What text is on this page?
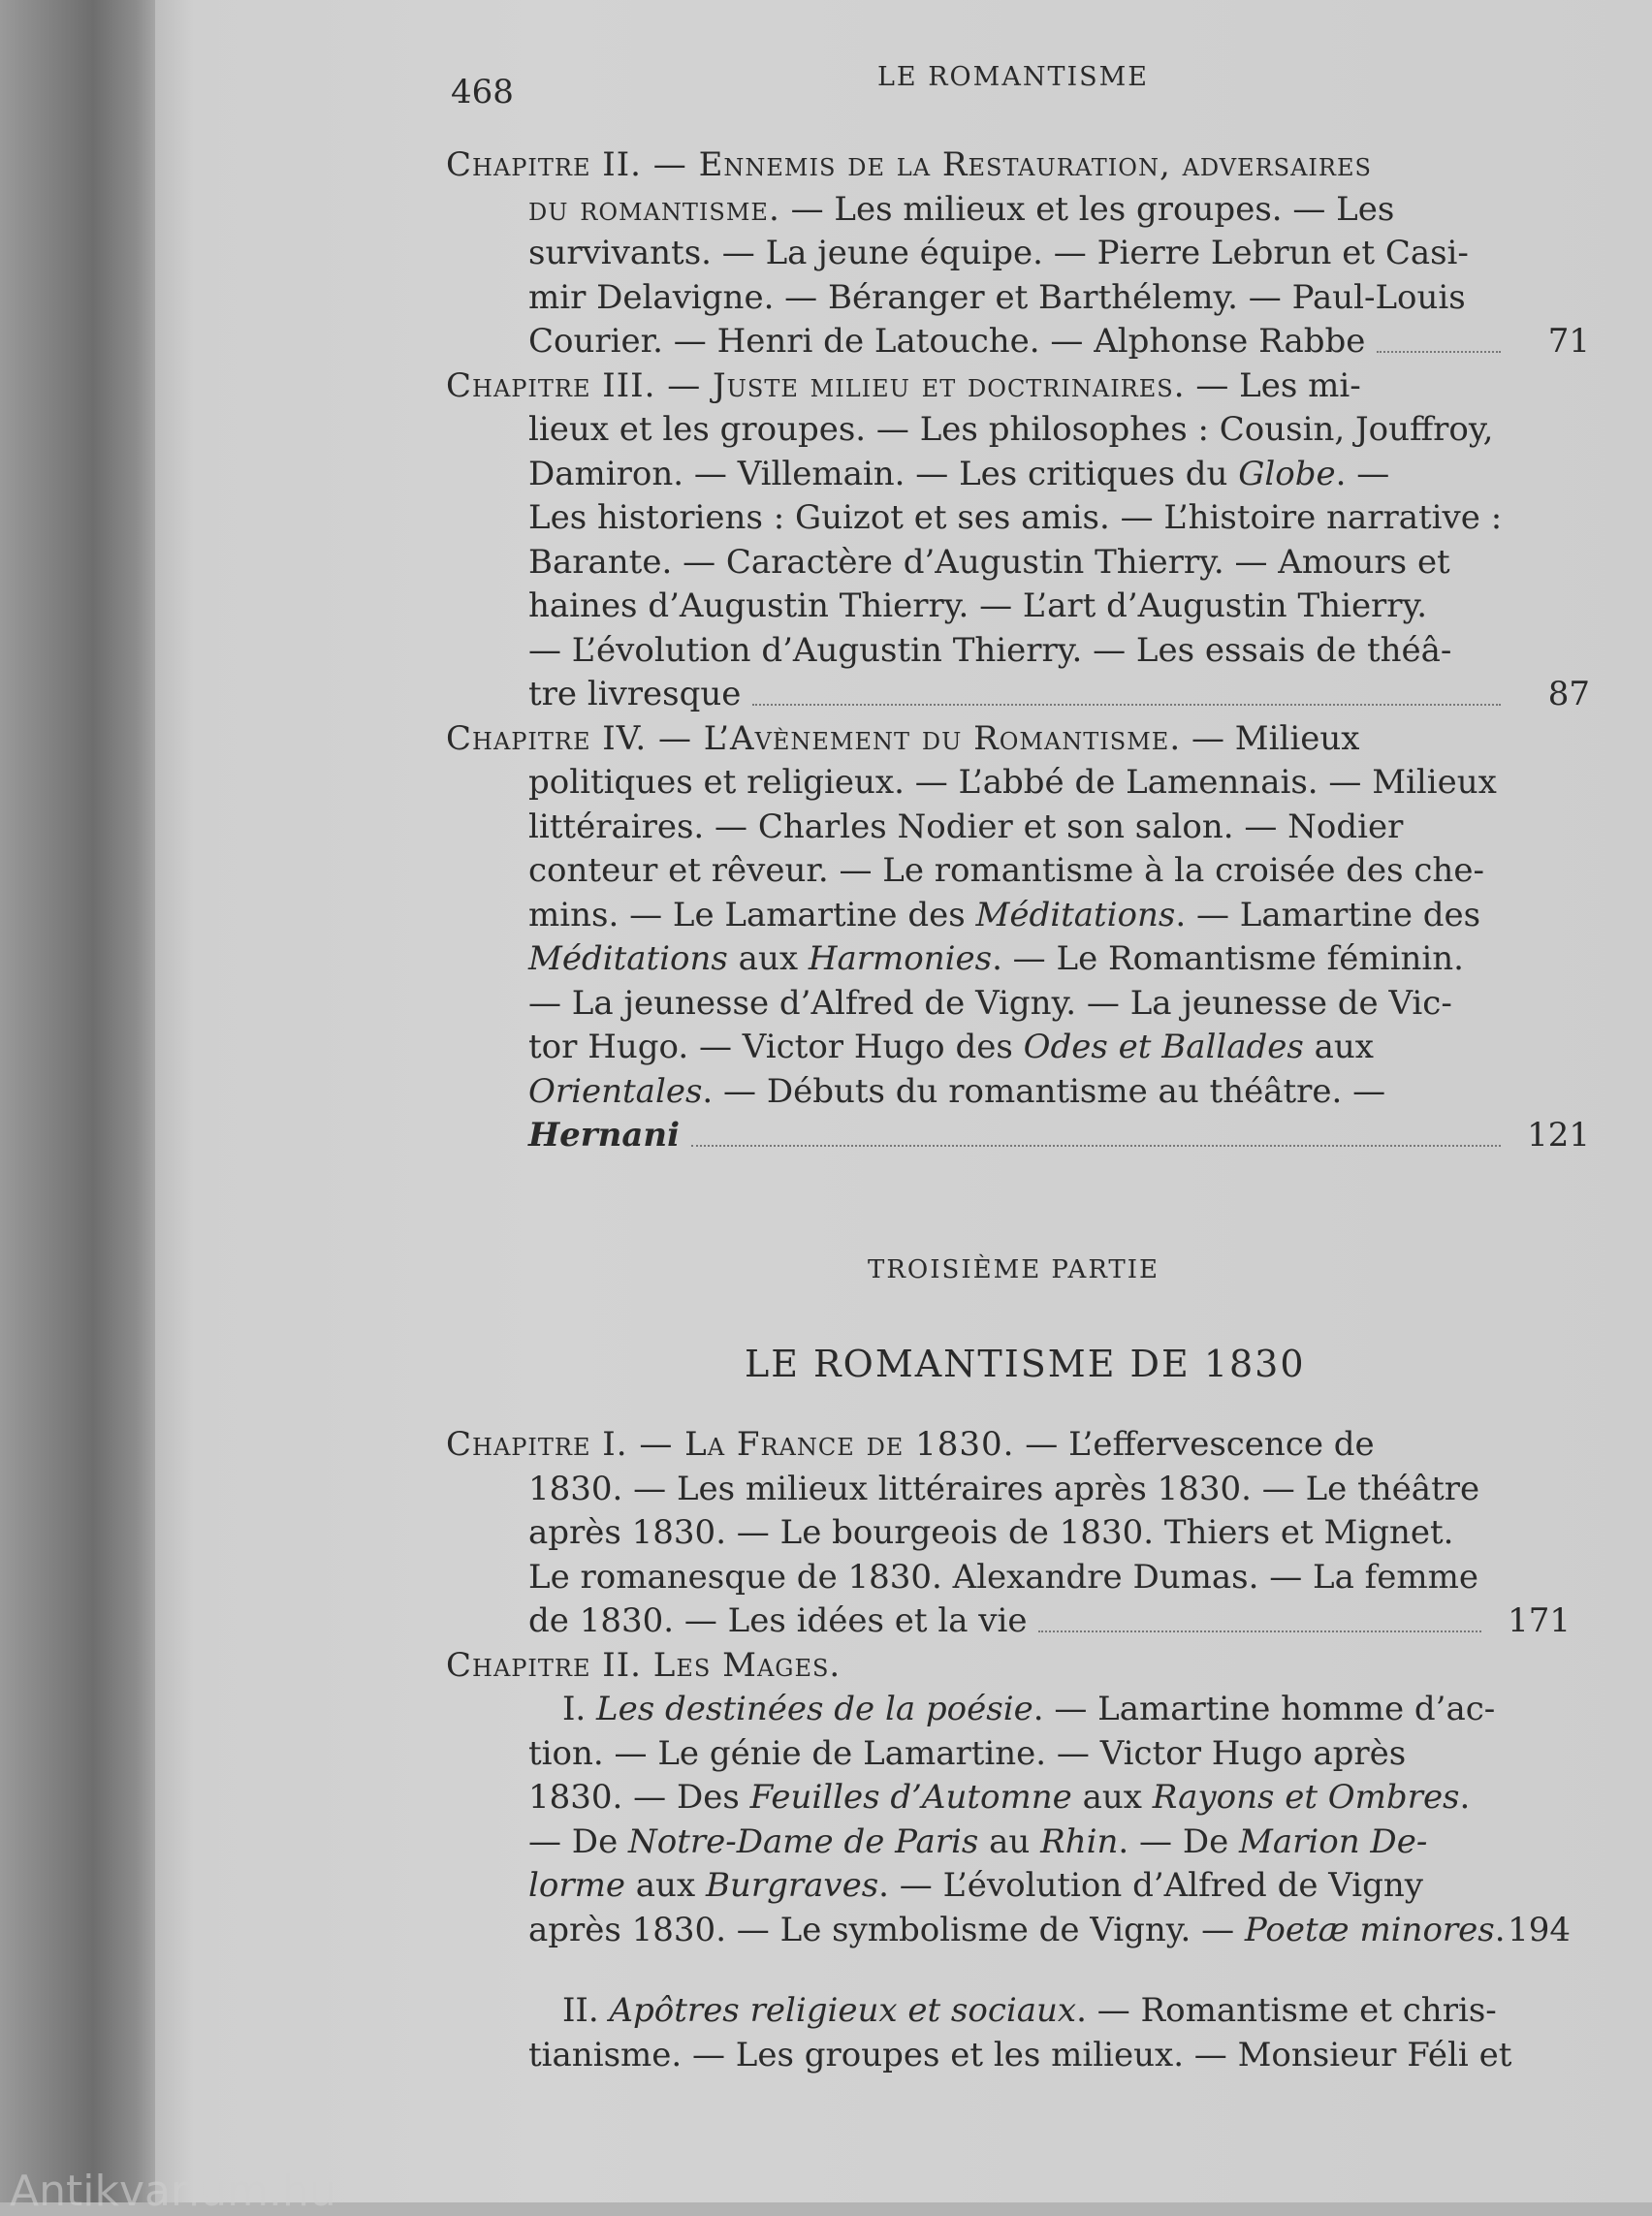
468	LE ROMANTISME
Chapitre II. — Ennemis de la Restauration, adversaires
du romantisme. — Les milieux et les groupes. — Les
survivants. — La jeune équipe. — Pierre Lebrun et Casi-
mir Delavigne. — Béranger et Barthélemy. — Paul-Louis
Courier. — Henri de Latouche. — Alphonse Rabbe	71
Chapitre III. — Juste milieu et doctrinaires. — Les mi-
lieux et les groupes. — Les philosophes : Cousin, Jouffroy,
Damiron. — Villemain. — Les critiques du Globe. —
Les historiens : Guizot et ses amis. — L’histoire narrative :
Barante. — Caractère d’Augustin Thierry. — Amours et
haines d’Augustin Thierry. — L’art d’Augustin Thierry.
— L’évolution d’Augustin Thierry. — Les essais de théâ-
tre livresque	87
Chapitre IV. — L’Avènement du Romantisme. — Milieux
politiques et religieux. — L’abbé de Lamennais. — Milieux
littéraires. — Charles Nodier et son salon. — Nodier
conteur et rêveur. — Le romantisme à la croisée des che-
mins. — Le Lamartine des Méditations. — Lamartine des
Méditations aux Harmonies. — Le Romantisme féminin.
— La jeunesse d’Alfred de Vigny. — La jeunesse de Vic-
tor Hugo. — Victor Hugo des Odes et Ballades aux
Orientales. — Débuts du romantisme au théâtre. —
Hernani	121
TROISIÈME PARTIE
LE ROMANTISME DE 1830
Chapitre I. — La France de 1830. — L’effervescence de
1830. — Les milieux littéraires après 1830. — Le théâtre
après 1830. — Le bourgeois de 1830. Thiers et Mignet.
Le romanesque de 1830. Alexandre Dumas. — La femme
de 1830. — Les idées et la vie	171
Chapitre II. Les Mages.
I. Les destinées de la poésie. — Lamartine homme d’ac-
tion. — Le génie de Lamartine. — Victor Hugo après
1830. — Des Feuilles d’Automne aux Rayons et Ombres.
— De Notre-Dame de Paris au Rhin. — De Marion De-
lorme aux Burgraves. — L’évolution d’Alfred de Vigny
après 1830. — Le symbolisme de Vigny. — Poetæ minores. 194
II. Apôtres religieux et sociaux. — Romantisme et chris-
tianisme. — Les groupes et les milieux. — Monsieur Féli et
Antikvarium.hu
